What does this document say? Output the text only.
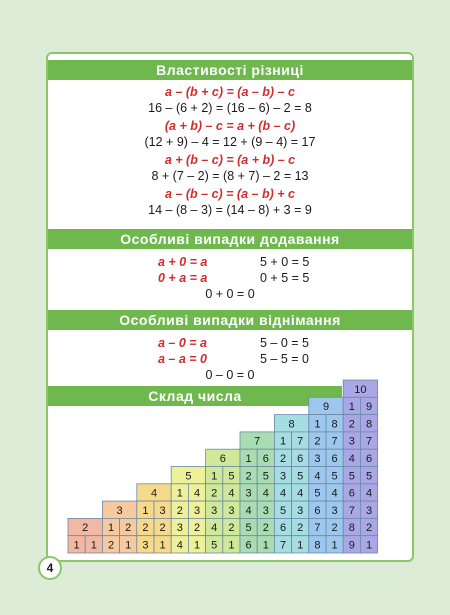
Властивості різниці
a – (b + c) = (a – b) – c
16 – (6 + 2) = (16 – 6) – 2 = 8
(a + b) – c = a + (b – c)
(12 + 9) – 4 = 12 + (9 – 4) = 17
a + (b – c) = (a + b) – c
8 + (7 – 2) = (8 + 7) – 2 = 13
a – (b – c) = (a – b) + c
14 – (8 – 3) = (14 – 8) + 3 = 9
Особливі випадки додавання
a + 0 = a	5 + 0 = 5
0 + a = a	0 + 5 = 5
0 + 0 = 0
Особливі випадки віднімання
a – 0 = a	5 – 0 = 5
a – a = 0	5 – 5 = 0
0 – 0 = 0
Склад числа
2
1 1
3
1 2
2 1
4
1 3
2 2
3 1
5
1 4
2 3
3 2
4 1
6
1 5
2 4
3 3
4 2
5 1
7
1 6
2 5
3 4
4 3
5 2
6 1
8
1 7
2 6
3 5
4 4
5 3
6 2
7 1
9
1 8
2 7
3 6
4 5
5 4
6 3
7 2
8 1
10
1 9
2 8
3 7
4 6
5 5
6 4
7 3
8 2
9 1
4
